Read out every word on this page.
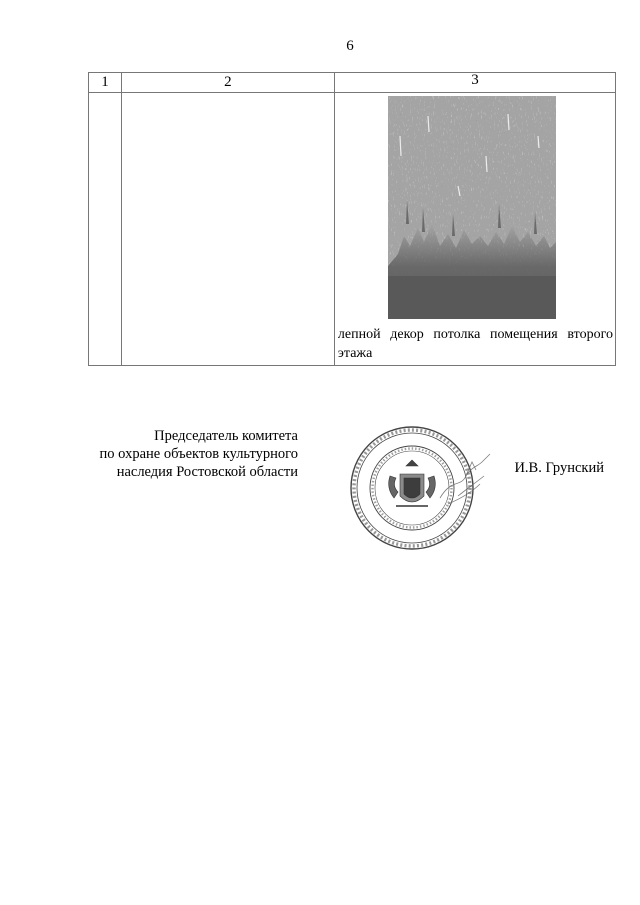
6
1	2	3

		лепной декор потолка помещения второго этажа
Председатель комитета
по охране объектов культурного
наследия Ростовской области	И.В. Грунский
